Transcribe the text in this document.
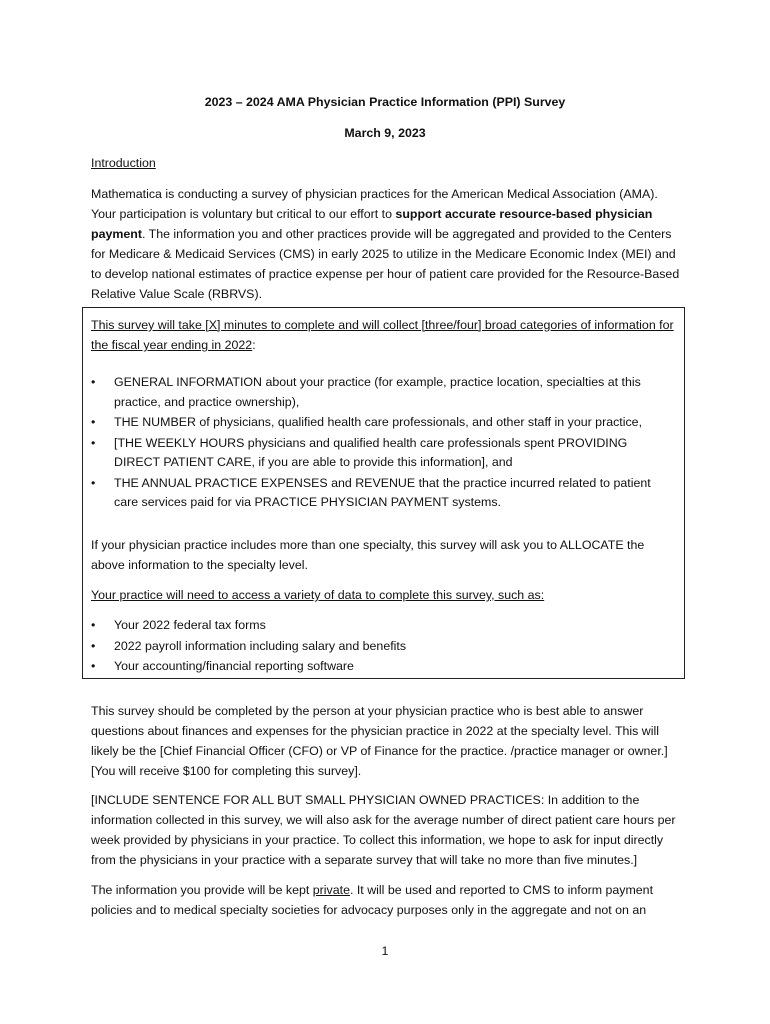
2023 – 2024 AMA Physician Practice Information (PPI) Survey
March 9, 2023
Introduction

Mathematica is conducting a survey of physician practices for the American Medical Association (AMA). Your participation is voluntary but critical to our effort to support accurate resource-based physician payment. The information you and other practices provide will be aggregated and provided to the Centers for Medicare & Medicaid Services (CMS) in early 2025 to utilize in the Medicare Economic Index (MEI) and to develop national estimates of practice expense per hour of patient care provided for the Resource-Based Relative Value Scale (RBRVS).

This survey will take [X] minutes to complete and will collect [three/four] broad categories of information for the fiscal year ending in 2022:
• GENERAL INFORMATION about your practice (for example, practice location, specialties at this practice, and practice ownership),
• THE NUMBER of physicians, qualified health care professionals, and other staff in your practice,
• [THE WEEKLY HOURS physicians and qualified health care professionals spent PROVIDING DIRECT PATIENT CARE, if you are able to provide this information], and
• THE ANNUAL PRACTICE EXPENSES and REVENUE that the practice incurred related to patient care services paid for via PRACTICE PHYSICIAN PAYMENT systems.
If your physician practice includes more than one specialty, this survey will ask you to ALLOCATE the above information to the specialty level.
Your practice will need to access a variety of data to complete this survey, such as:
• Your 2022 federal tax forms
• 2022 payroll information including salary and benefits
• Your accounting/financial reporting software

This survey should be completed by the person at your physician practice who is best able to answer questions about finances and expenses for the physician practice in 2022 at the specialty level. This will likely be the [Chief Financial Officer (CFO) or VP of Finance for the practice. /practice manager or owner.] [You will receive $100 for completing this survey].

[INCLUDE SENTENCE FOR ALL BUT SMALL PHYSICIAN OWNED PRACTICES: In addition to the information collected in this survey, we will also ask for the average number of direct patient care hours per week provided by physicians in your practice. To collect this information, we hope to ask for input directly from the physicians in your practice with a separate survey that will take no more than five minutes.]

The information you provide will be kept private. It will be used and reported to CMS to inform payment policies and to medical specialty societies for advocacy purposes only in the aggregate and not on an

1
